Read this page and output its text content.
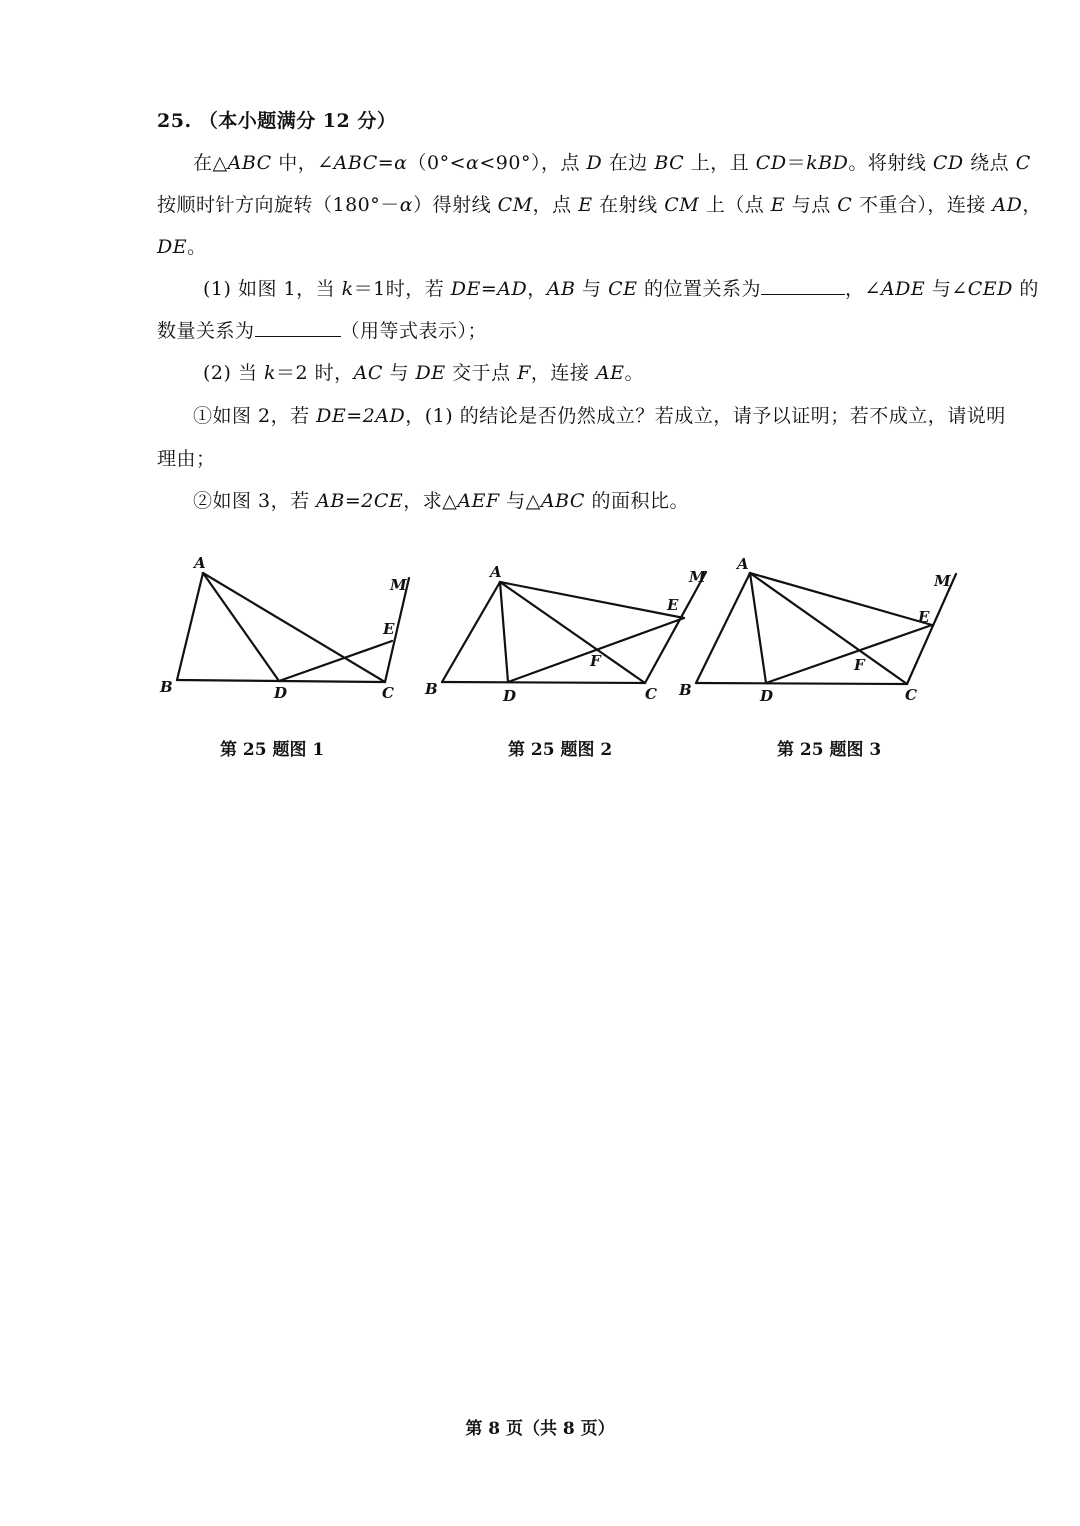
25. （本小题满分 12 分）
在△ABC 中，∠ABC=α（0°<α<90°），点 D 在边 BC 上，且 CD＝kBD。将射线 CD 绕点 C
按顺时针方向旋转（180°－α）得射线 CM，点 E 在射线 CM 上（点 E 与点 C 不重合），连接 AD，
DE。
(1) 如图 1，当 k＝1时，若 DE=AD，AB 与 CE 的位置关系为	，∠ADE 与∠CED 的
数量关系为	（用等式表示）；
(2) 当 k＝2 时，AC 与 DE 交于点 F，连接 AE。
①如图 2，若 DE=2AD，(1) 的结论是否仍然成立？若成立，请予以证明；若不成立，请说明
理由；
②如图 3，若 AB=2CE，求△AEF 与△ABC 的面积比。
A
B	C
D
E
M
A
B	C
D
E
F
M
A
B	C
D
E
F
M
第 25 题图 1	第 25 题图 2	第 25 题图 3
第 8 页（共 8 页）
